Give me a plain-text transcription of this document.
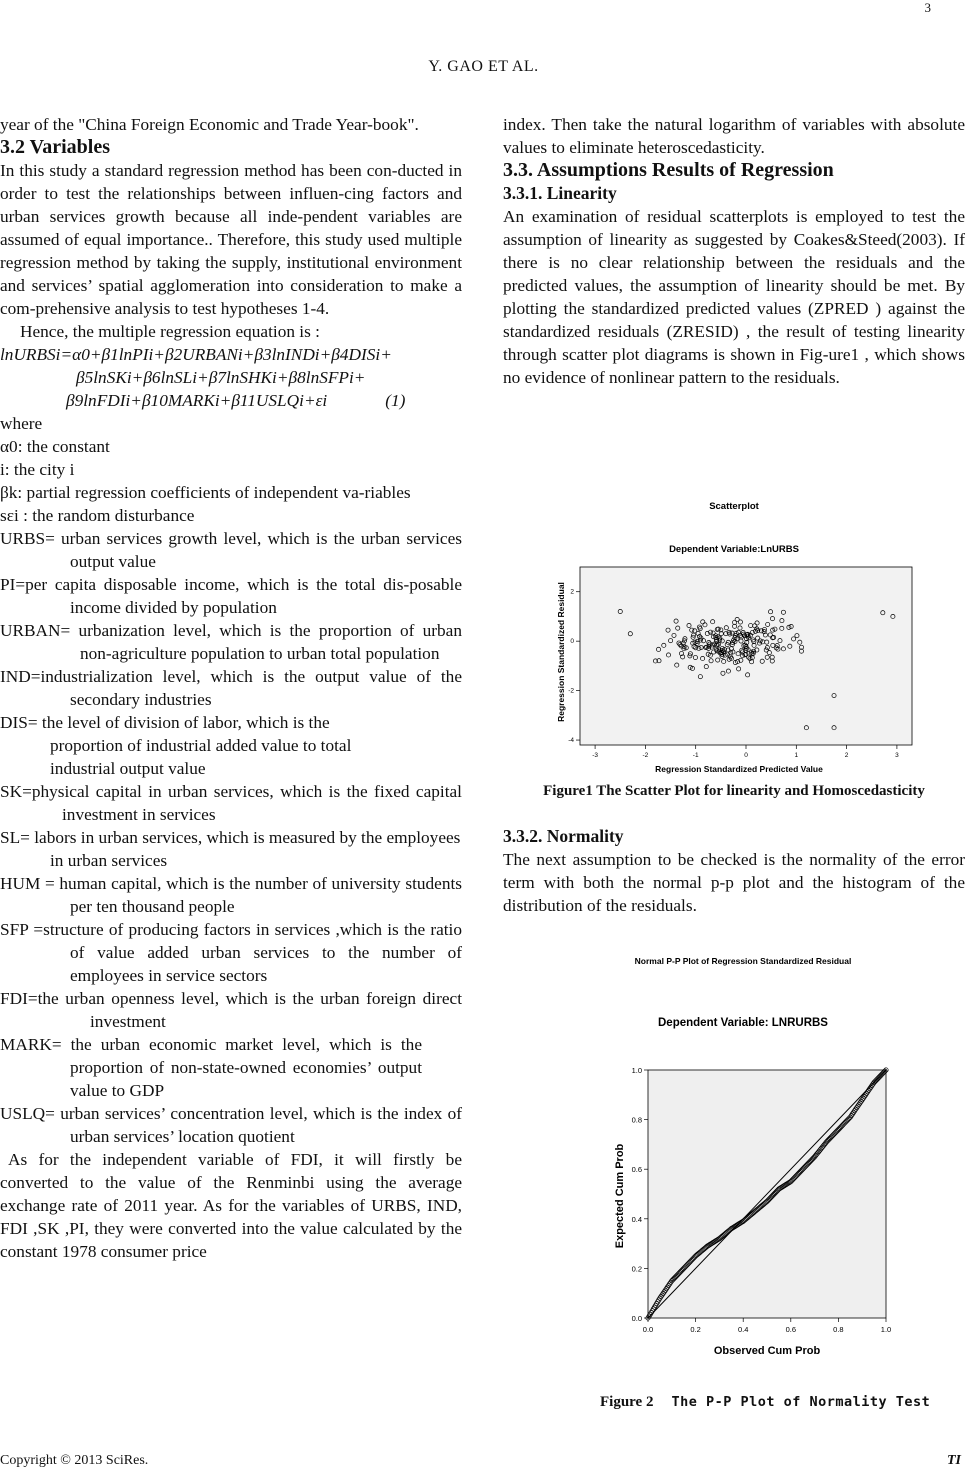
3
Y. GAO ET AL.

year of the "China Foreign Economic and Trade Year-book".

3.2 Variables

In this study a standard regression method has been con-ducted in order to test the relationships between influen-cing factors and urban services growth because all inde-pendent variables are assumed of equal importance.. Therefore, this study used multiple regression method by taking the supply, institutional environment and services’ spatial agglomeration into consideration to make a com-prehensive analysis to test hypotheses 1-4.

Hence, the multiple regression equation is :

lnURBSi=α0+β1lnPIi+β2URBANi+β3lnINDi+β4DISi+

β5lnSKi+β6lnSLi+β7lnSHKi+β8lnSFPi+

β9lnFDIi+β10MARKi+β11USLQi+εi	(1)

where

α0: the constant

i: the city i

βk: partial regression coefficients of independent va-riables

sεi : the random disturbance

URBS= urban services growth level, which is the urban services output value

PI=per capita disposable income, which is the total dis-posable income divided by population

URBAN= urbanization level, which is the proportion of urban non-agriculture population to urban total population

IND=industrialization level, which is the output value of the secondary industries

DIS= the level of division of labor, which is the proportion of industrial added value to total industrial output value

SK=physical capital in urban services, which is the fixed capital investment in services

SL= labors in urban services, which is measured by the employees in urban services

HUM = human capital, which is the number of university students per ten thousand people

SFP =structure of producing factors in services ,which is the ratio of value added urban services to the number of employees in service sectors

FDI=the urban openness level, which is the urban foreign direct investment

MARK= the urban economic market level, which is the proportion of non-state-owned economies’ output value to GDP

USLQ= urban services’ concentration level, which is the index of urban services’ location quotient

As for the independent variable of FDI, it will firstly be converted to the value of the Renminbi using the average exchange rate of 2011 year. As for the variables of URBS, IND, FDI ,SK ,PI, they were converted into the value calculated by the constant 1978 consumer price

index. Then take the natural logarithm of variables with absolute values to eliminate heteroscedasticity.

3.3. Assumptions Results of Regression

3.3.1. Linearity

An examination of residual scatterplots is employed to test the assumption of linearity as suggested by Coakes&Steed(2003). If there is no clear relationship between the residuals and the predicted values, the assumption of linearity should be met. By plotting the standardized predicted values (ZPRED ) against the standardized residuals (ZRESID) , the result of testing linearity through scatter plot diagrams is shown in Fig-ure1 , which shows no evidence of nonlinear pattern to the residuals.

Scatterplot
Dependent Variable:LnURBS
-3	-2	-1	0	1	2	3
2
0
-2
-4
Regression Standardized Predicted Value
Regression Standardized Residual
Figure1 The Scatter Plot for linearity and Homoscedasticity

3.3.2. Normality

The next assumption to be checked is the normality of the error term with both the normal p-p plot and the histogram of the distribution of the residuals.

Normal P-P Plot of Regression Standardized Residual
Dependent Variable: LNRURBS
0.0	0.2	0.4	0.6	0.8	1.0
0.0
0.2
0.4
0.6
0.8
1.0
Observed Cum Prob
Expected Cum Prob
Figure 2 The P-P Plot of Normality Test
Copyright © 2013 SciRes.	TI
